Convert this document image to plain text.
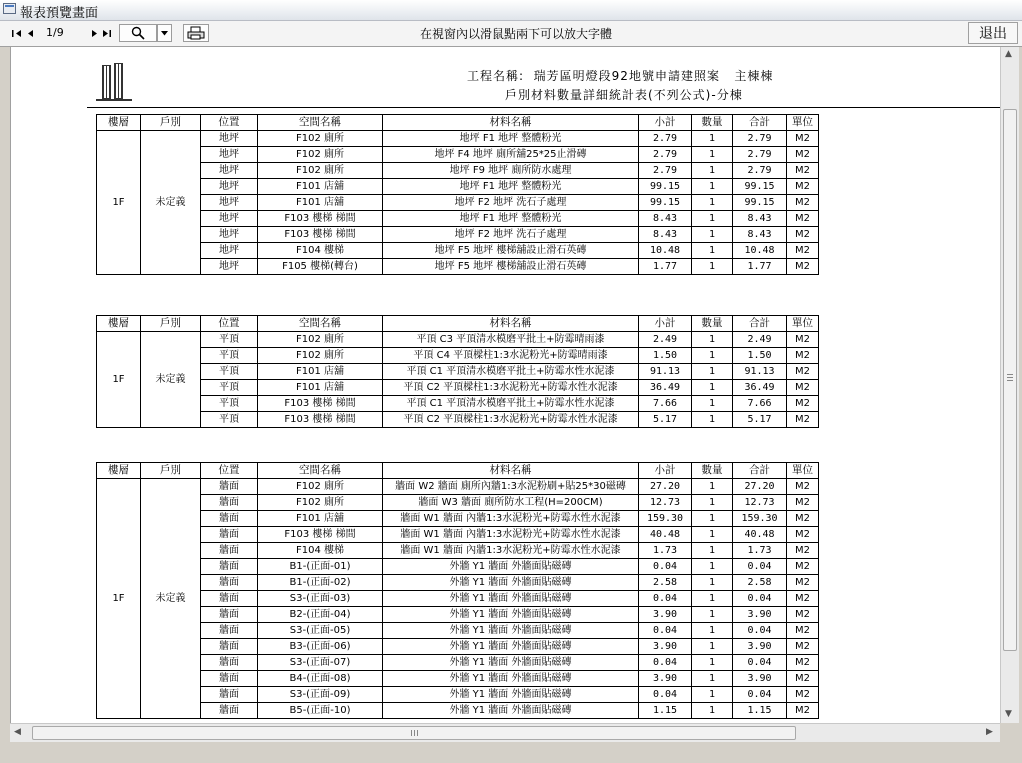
報表預覽畫面
1/9	在視窗內以滑鼠點兩下可以放大字體	退出
工程名稱:  瑞芳區明燈段92地號申請建照案   主棟棟
戶別材料數量詳細統計表(不列公式)-分棟
樓層	戶別	位置	空間名稱	材料名稱	小計	數量	合計	單位
1F	未定義	地坪	F102 廁所	地坪 F1 地坪 整體粉光	2.79	1	2.79	M2
		地坪	F102 廁所	地坪 F4 地坪 廁所舖25*25止滑磚	2.79	1	2.79	M2
		地坪	F102 廁所	地坪 F9 地坪 廁所防水處理	2.79	1	2.79	M2
		地坪	F101 店舖	地坪 F1 地坪 整體粉光	99.15	1	99.15	M2
		地坪	F101 店舖	地坪 F2 地坪 洗石子處理	99.15	1	99.15	M2
		地坪	F103 樓梯 梯間	地坪 F1 地坪 整體粉光	8.43	1	8.43	M2
		地坪	F103 樓梯 梯間	地坪 F2 地坪 洗石子處理	8.43	1	8.43	M2
		地坪	F104 樓梯	地坪 F5 地坪 樓梯舖設止滑石英磚	10.48	1	10.48	M2
		地坪	F105 樓梯(轉台)	地坪 F5 地坪 樓梯舖設止滑石英磚	1.77	1	1.77	M2
樓層	戶別	位置	空間名稱	材料名稱	小計	數量	合計	單位
1F	未定義	平頂	F102 廁所	平頂 C3 平頂清水模磨平批土+防霉晴雨漆	2.49	1	2.49	M2
		平頂	F102 廁所	平頂 C4 平頂樑柱1:3水泥粉光+防霉晴雨漆	1.50	1	1.50	M2
		平頂	F101 店舖	平頂 C1 平頂清水模磨平批土+防霉水性水泥漆	91.13	1	91.13	M2
		平頂	F101 店舖	平頂 C2 平頂樑柱1:3水泥粉光+防霉水性水泥漆	36.49	1	36.49	M2
		平頂	F103 樓梯 梯間	平頂 C1 平頂清水模磨平批土+防霉水性水泥漆	7.66	1	7.66	M2
		平頂	F103 樓梯 梯間	平頂 C2 平頂樑柱1:3水泥粉光+防霉水性水泥漆	5.17	1	5.17	M2
樓層	戶別	位置	空間名稱	材料名稱	小計	數量	合計	單位
1F	未定義	牆面	F102 廁所	牆面 W2 牆面 廁所內牆1:3水泥粉刷+貼25*30磁磚	27.20	1	27.20	M2
		牆面	F102 廁所	牆面 W3 牆面 廁所防水工程(H=200CM)	12.73	1	12.73	M2
		牆面	F101 店舖	牆面 W1 牆面 內牆1:3水泥粉光+防霉水性水泥漆	159.30	1	159.30	M2
		牆面	F103 樓梯 梯間	牆面 W1 牆面 內牆1:3水泥粉光+防霉水性水泥漆	40.48	1	40.48	M2
		牆面	F104 樓梯	牆面 W1 牆面 內牆1:3水泥粉光+防霉水性水泥漆	1.73	1	1.73	M2
		牆面	B1-(正面-01)	外牆 Y1 牆面 外牆面貼磁磚	0.04	1	0.04	M2
		牆面	B1-(正面-02)	外牆 Y1 牆面 外牆面貼磁磚	2.58	1	2.58	M2
		牆面	S3-(正面-03)	外牆 Y1 牆面 外牆面貼磁磚	0.04	1	0.04	M2
		牆面	B2-(正面-04)	外牆 Y1 牆面 外牆面貼磁磚	3.90	1	3.90	M2
		牆面	S3-(正面-05)	外牆 Y1 牆面 外牆面貼磁磚	0.04	1	0.04	M2
		牆面	B3-(正面-06)	外牆 Y1 牆面 外牆面貼磁磚	3.90	1	3.90	M2
		牆面	S3-(正面-07)	外牆 Y1 牆面 外牆面貼磁磚	0.04	1	0.04	M2
		牆面	B4-(正面-08)	外牆 Y1 牆面 外牆面貼磁磚	3.90	1	3.90	M2
		牆面	S3-(正面-09)	外牆 Y1 牆面 外牆面貼磁磚	0.04	1	0.04	M2
		牆面	B5-(正面-10)	外牆 Y1 牆面 外牆面貼磁磚	1.15	1	1.15	M2
▲
▼
◀	▶
